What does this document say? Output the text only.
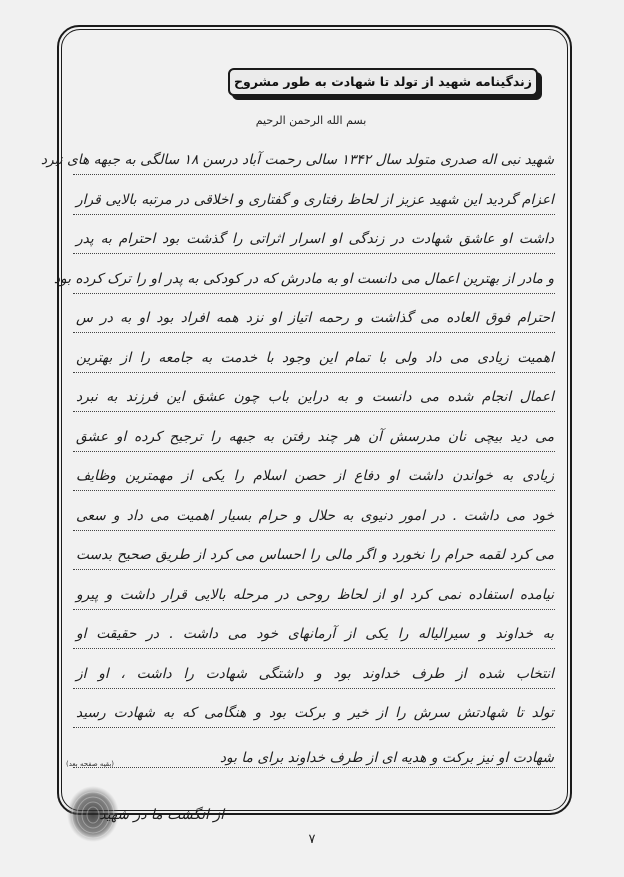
زندگینامه شهید از تولد تا شهادت به طور مشروح
بسم الله الرحمن الرحیم
شهید نبی اله صدری متولد سال ۱۳۴۲ سالی رحمت آباد درسن ۱۸ سالگی به جبهه های نبرد
اعزام گردید این شهید عزیز از لحاظ رفتاری و گفتاری و اخلاقی در مرتبه بالایی قرار
داشت او عاشق شهادت در زندگی او اسرار اثراتی را گذشت بود احترام به پدر
و مادر از بهترین اعمال می دانست او به مادرش که در کودکی به پدر او را ترک کرده بود
احترام فوق العاده می گذاشت و رحمه اتیاز او نزد همه افراد بود او به در س
اهمیت زیادی می داد ولی با تمام این وجود با خدمت به جامعه را از بهترین
اعمال انجام شده می دانست و به دراین باب چون عشق این فرزند به نبرد
می دید بیچی نان مدرسش آن هر چند رفتن به جبهه را ترجیح کرده او عشق
زیادی به خواندن داشت او دفاع از حصن اسلام را یکی از مهمترین وظایف
خود می داشت . در امور دنیوی به حلال و حرام بسیار اهمیت می داد و سعی
می کرد لقمه حرام را نخورد و اگر مالی را احساس می کرد از طریق صحیح بدست
نیامده استفاده نمی کرد او از لحاظ روحی در مرحله بالایی قرار داشت و پیرو
به خداوند و سیرالیاله را یکی از آرمانهای خود می داشت . در حقیقت او
انتخاب شده از طرف خداوند بود و داشتگی شهادت را داشت ، او از
تولد تا شهادتش سرش را از خیر و برکت بود و هنگامی که به شهادت رسید
شهادت او نیز برکت و هدیه ای از طرف خداوند برای ما بود
(بقیه صفحه بعد)
از انگشت ما در شهید
٧
